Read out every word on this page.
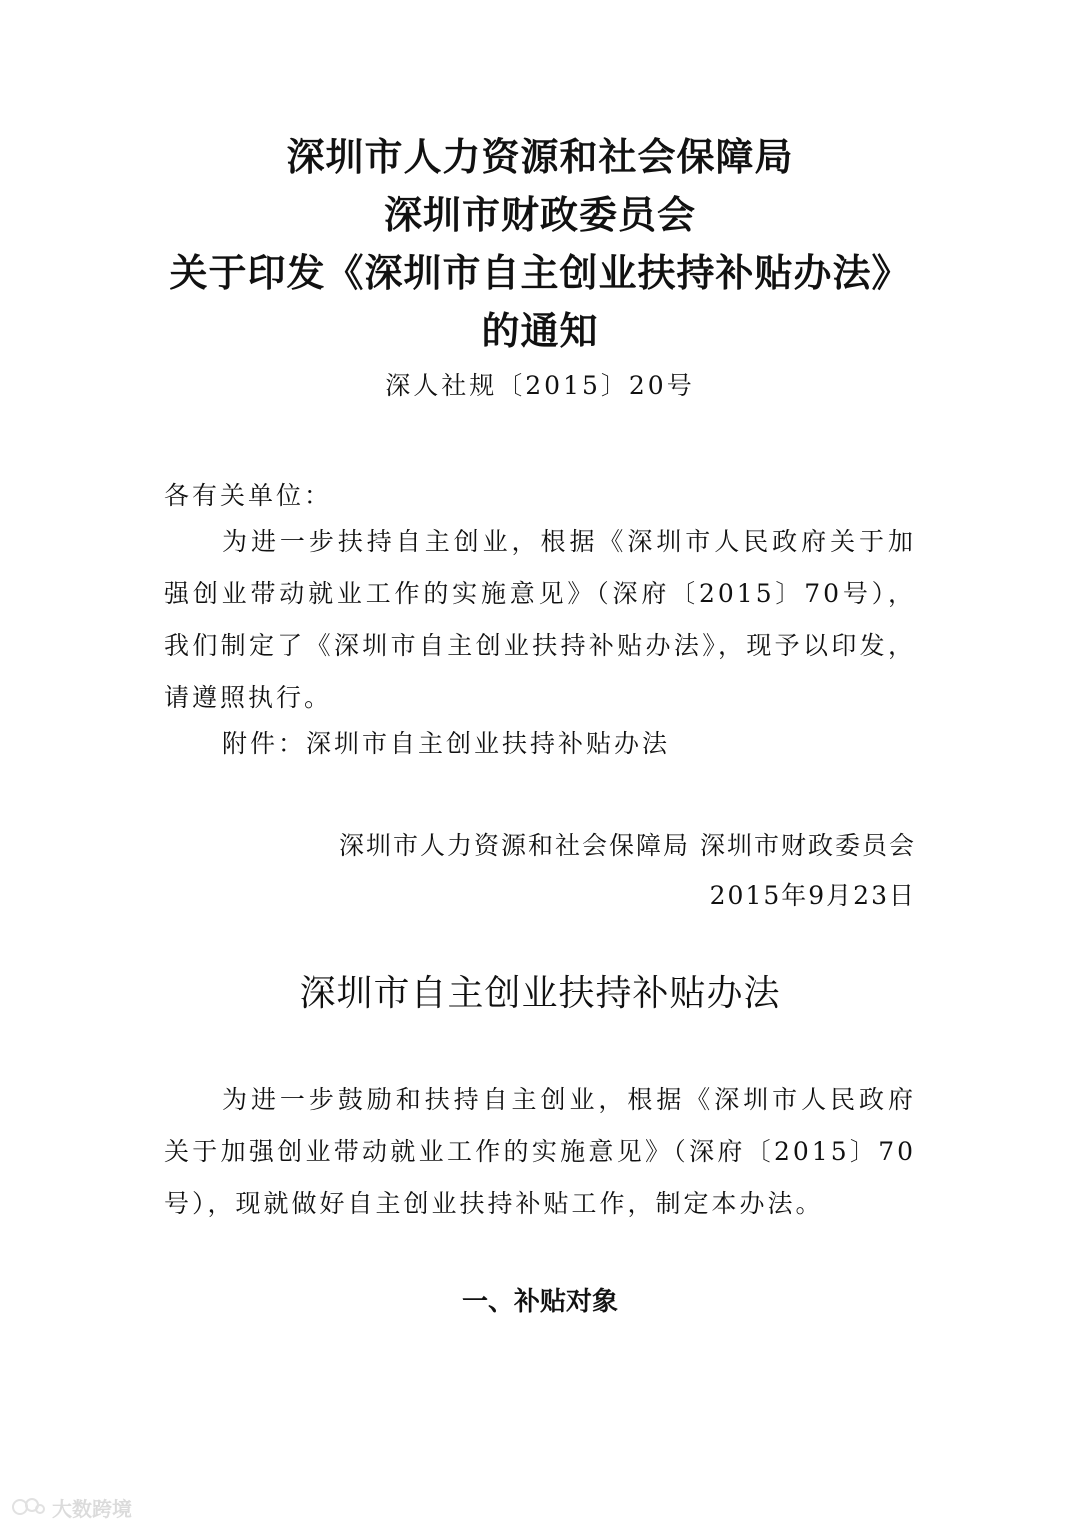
深圳市人力资源和社会保障局
深圳市财政委员会
关于印发《深圳市自主创业扶持补贴办法》
的通知
深人社规〔2015〕20号
各有关单位：
为进一步扶持自主创业，根据《深圳市人民政府关于加强创业带动就业工作的实施意见》（深府〔2015〕70号），我们制定了《深圳市自主创业扶持补贴办法》，现予以印发，请遵照执行。
附件：深圳市自主创业扶持补贴办法
深圳市人力资源和社会保障局 深圳市财政委员会
2015年9月23日
深圳市自主创业扶持补贴办法
为进一步鼓励和扶持自主创业，根据《深圳市人民政府关于加强创业带动就业工作的实施意见》（深府〔2015〕70号），现就做好自主创业扶持补贴工作，制定本办法。
一、补贴对象
大数跨境
